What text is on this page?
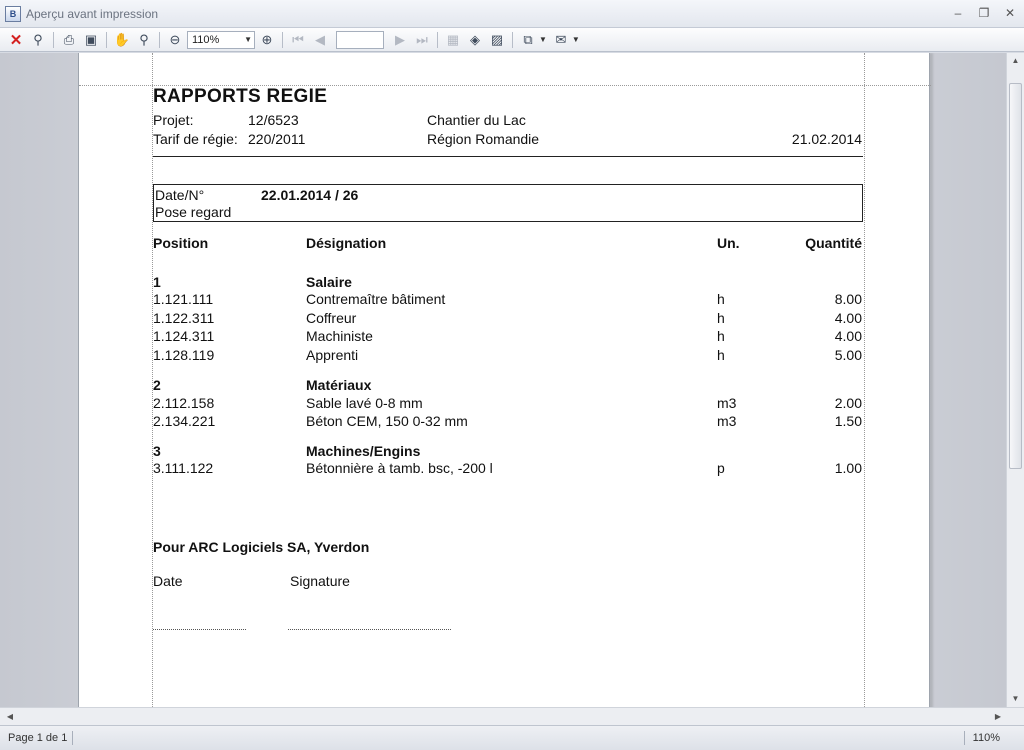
B Aperçu avant impression	–	❐ ✕
✕ ⚲	⎙ ▣ ✋ ⚲	⊖	110%	▼ ⊕	⏮ ◀	▶ ⏭	▦ ◈ ▨	⧉ ▼ ✉ ▼
RAPPORTS REGIE
Projet:	12/6523	Chantier du Lac
Tarif de régie: 220/2011	Région Romandie	21.02.2014
Date/N°	22.01.2014 / 26
Pose regard
Position	Désignation	Un.	Quantité
1	Salaire
1.121.111	Contremaître bâtiment	h	8.00
1.122.311	Coffreur	h	4.00
1.124.311	Machiniste	h	4.00
1.128.119	Apprenti	h	5.00
2	Matériaux
2.112.158	Sable lavé 0-8 mm	m3	2.00
2.134.221	Béton CEM, 150 0-32 mm	m3	1.50
3	Machines/Engins
3.111.122	Bétonnière à tamb. bsc, -200 l	p	1.00
Pour ARC Logiciels SA, Yverdon
Date	Signature
▲
▼
◀	▶
Page 1 de 1	110%
